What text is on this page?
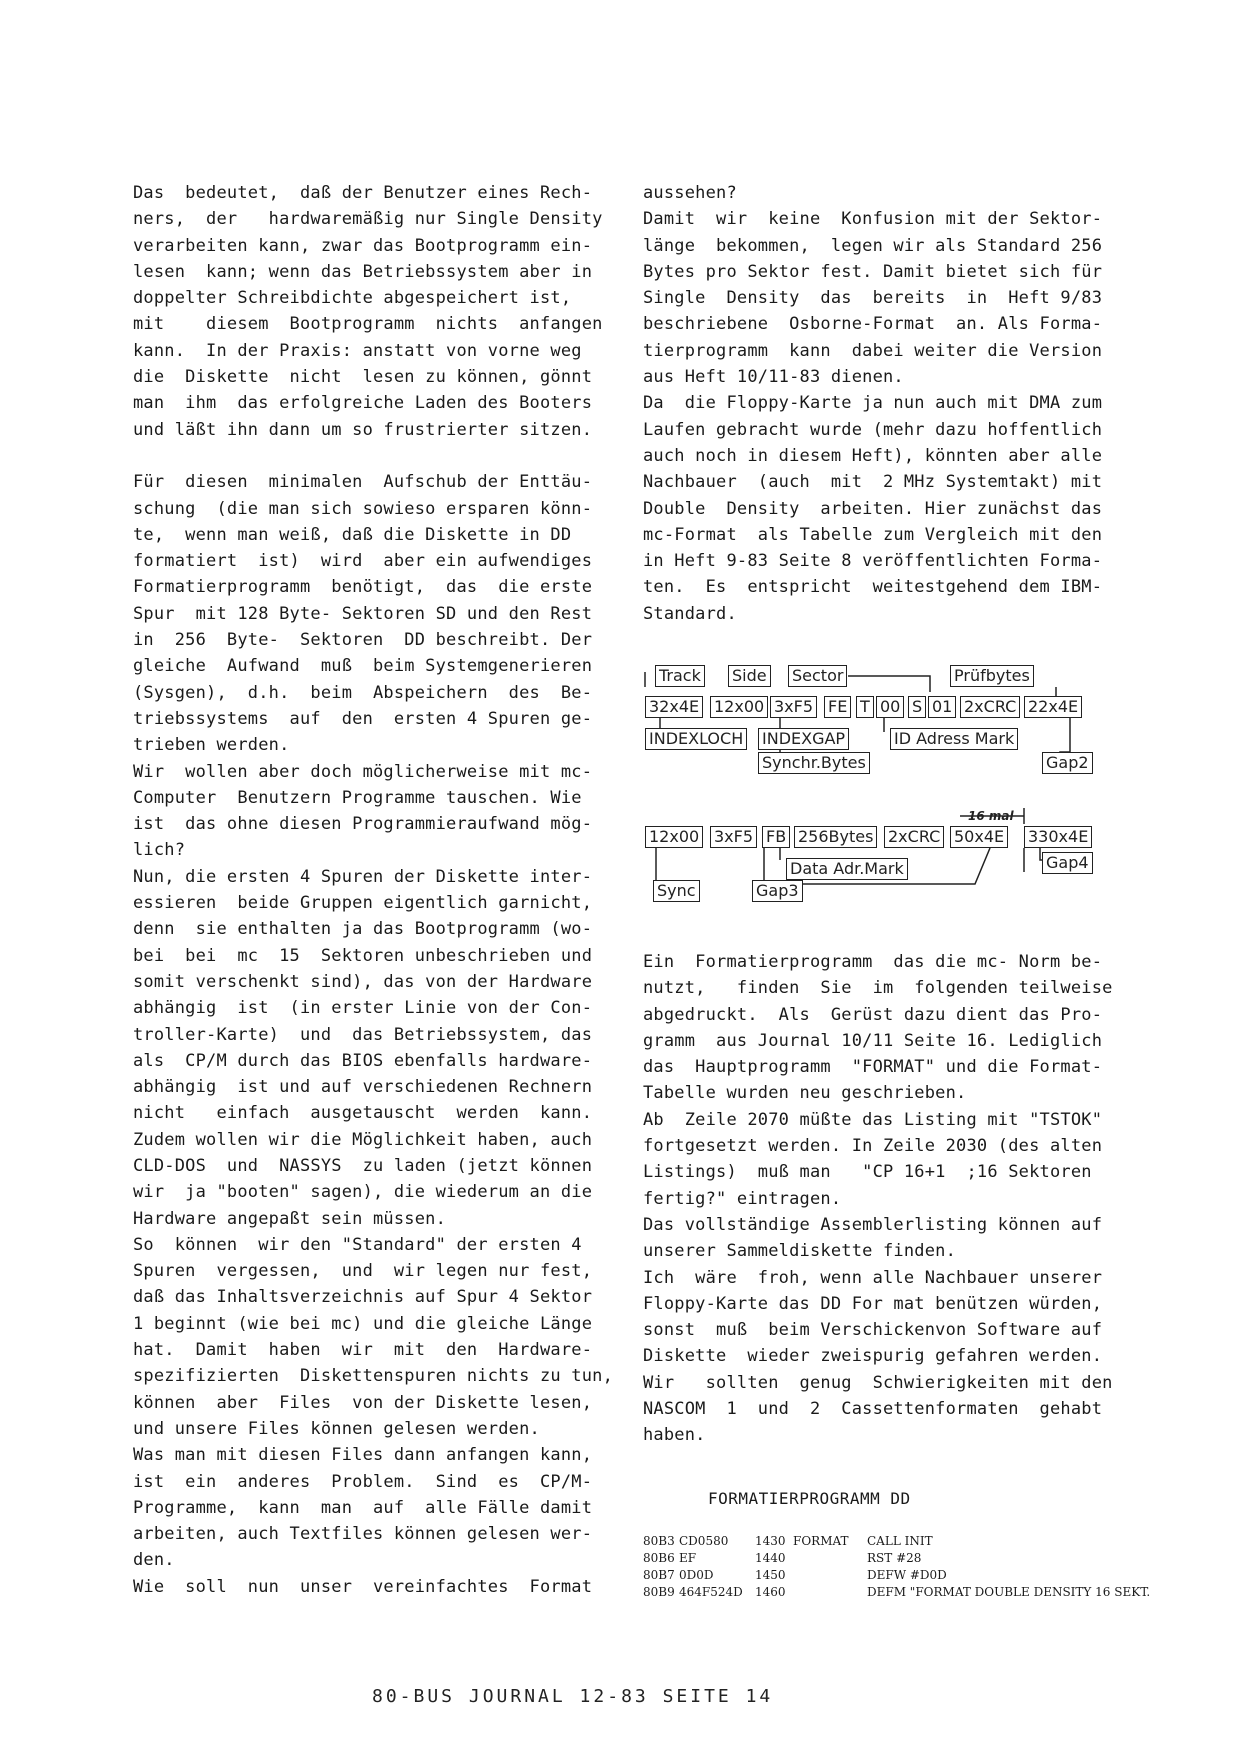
Das  bedeutet,  daß der Benutzer eines Rech-
ners,  der   hardwaremäßig nur Single Density
verarbeiten kann, zwar das Bootprogramm ein-
lesen  kann; wenn das Betriebssystem aber in
doppelter Schreibdichte abgespeichert ist,
mit    diesem  Bootprogramm  nichts  anfangen
kann.  In der Praxis: anstatt von vorne weg
die  Diskette  nicht  lesen zu können, gönnt
man  ihm  das erfolgreiche Laden des Booters
und läßt ihn dann um so frustrierter sitzen.
Für  diesen  minimalen  Aufschub der Enttäu-
schung  (die man sich sowieso ersparen könn-
te,  wenn man weiß, daß die Diskette in DD
formatiert  ist)  wird  aber ein aufwendiges
Formatierprogramm  benötigt,  das  die erste
Spur  mit 128 Byte- Sektoren SD und den Rest
in  256  Byte-  Sektoren  DD beschreibt. Der
gleiche  Aufwand  muß  beim Systemgenerieren
(Sysgen),  d.h.  beim  Abspeichern  des  Be-
triebssystems  auf  den  ersten 4 Spuren ge-
trieben werden.
Wir  wollen aber doch möglicherweise mit mc-
Computer  Benutzern Programme tauschen. Wie
ist  das ohne diesen Programmieraufwand mög-
lich?
Nun, die ersten 4 Spuren der Diskette inter-
essieren  beide Gruppen eigentlich garnicht,
denn  sie enthalten ja das Bootprogramm (wo-
bei  bei  mc  15  Sektoren unbeschrieben und
somit verschenkt sind), das von der Hardware
abhängig  ist  (in erster Linie von der Con-
troller-Karte)  und  das Betriebssystem, das
als  CP/M durch das BIOS ebenfalls hardware-
abhängig  ist und auf verschiedenen Rechnern
nicht   einfach  ausgetauscht  werden  kann.
Zudem wollen wir die Möglichkeit haben, auch
CLD-DOS  und  NASSYS  zu laden (jetzt können
wir  ja "booten" sagen), die wiederum an die
Hardware angepaßt sein müssen.
So  können  wir den "Standard" der ersten 4
Spuren  vergessen,  und  wir legen nur fest,
daß das Inhaltsverzeichnis auf Spur 4 Sektor
1 beginnt (wie bei mc) und die gleiche Länge
hat.  Damit  haben  wir  mit  den  Hardware-
spezifizierten  Diskettenspuren nichts zu tun,
können  aber  Files  von der Diskette lesen,
und unsere Files können gelesen werden.
Was man mit diesen Files dann anfangen kann,
ist  ein  anderes  Problem.  Sind  es  CP/M-
Programme,  kann  man  auf  alle Fälle damit
arbeiten, auch Textfiles können gelesen wer-
den.
Wie  soll  nun  unser  vereinfachtes  Format
aussehen?
Damit  wir  keine  Konfusion mit der Sektor-
länge  bekommen,  legen wir als Standard 256
Bytes pro Sektor fest. Damit bietet sich für
Single  Density  das  bereits  in  Heft 9/83
beschriebene  Osborne-Format  an. Als Forma-
tierprogramm  kann  dabei weiter die Version
aus Heft 10/11-83 dienen.
Da  die Floppy-Karte ja nun auch mit DMA zum
Laufen gebracht wurde (mehr dazu hoffentlich
auch noch in diesem Heft), könnten aber alle
Nachbauer  (auch  mit  2 MHz Systemtakt) mit
Double  Density  arbeiten. Hier zunächst das
mc-Format  als Tabelle zum Vergleich mit den
in Heft 9-83 Seite 8 veröffentlichten Forma-
ten.  Es  entspricht  weitestgehend dem IBM-
Standard.
Track Side Sector	Prüfbytes
32x4E 12x00 3xF5 FE T 00 S 01 2xCRC 22x4E
INDEXLOCH INDEXGAP	ID Adress Mark
Synchr.Bytes	Gap2
16 mal
12x00 3xF5 FB 256Bytes 2xCRC 50x4E 330x4E
Data Adr.Mark	Gap4
Sync	Gap3
Ein  Formatierprogramm  das die mc- Norm be-
nutzt,   finden  Sie  im  folgenden teilweise
abgedruckt.  Als  Gerüst dazu dient das Pro-
gramm  aus Journal 10/11 Seite 16. Lediglich
das  Hauptprogramm  "FORMAT" und die Format-
Tabelle wurden neu geschrieben.
Ab  Zeile 2070 müßte das Listing mit "TSTOK"
fortgesetzt werden. In Zeile 2030 (des alten
Listings)  muß man   "CP 16+1  ;16 Sektoren
fertig?" eintragen.
Das vollständige Assemblerlisting können auf
unserer Sammeldiskette finden.
Ich  wäre  froh, wenn alle Nachbauer unserer
Floppy-Karte das DD For mat benützen würden,
sonst  muß  beim Verschickenvon Software auf
Diskette  wieder zweispurig gefahren werden.
Wir   sollten  genug  Schwierigkeiten mit den
NASCOM  1  und  2  Cassettenformaten  gehabt
haben.
FORMATIERPROGRAMM DD
80B3 CD0580 1430 FORMAT CALL INIT
80B6 EF	1440	RST #28
80B7 0D0D	1450	DEFW #D0D
80B9 464F524D 1460	DEFM "FORMAT DOUBLE DENSITY 16 SEKT.
80-BUS JOURNAL 12-83 SEITE 14
